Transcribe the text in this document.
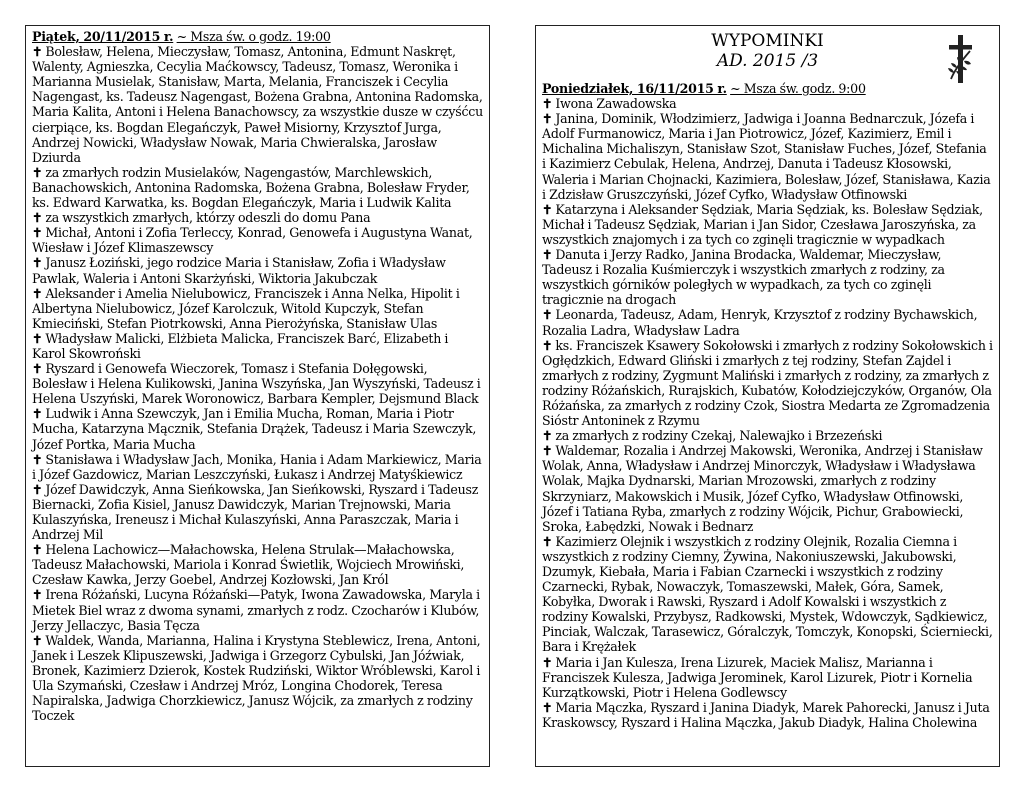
Piątek, 20/11/2015 r. ~ Msza św. o godz. 19:00
✝ Bolesław, Helena, Mieczysław, Tomasz, Antonina, Edmunt Naskręt, Walenty, Agnieszka, Cecylia Maćkowscy, Tadeusz, Tomasz, Weronika i Marianna Musielak, Stanisław, Marta, Melania, Franciszek i Cecylia Nagengast, ks. Tadeusz Nagengast, Bożena Grabna, Antonina Radomska, Maria Kalita, Antoni i Helena Banachowscy, za wszystkie dusze w czyśćcu cierpiące, ks. Bogdan Elegańczyk, Paweł Misiorny, Krzysztof Jurga, Andrzej Nowicki, Władysław Nowak, Maria Chwieralska, Jarosław Dziurda
✝ za zmarłych rodzin Musielaków, Nagengastów, Marchlewskich, Banachowskich, Antonina Radomska, Bożena Grabna, Bolesław Fryder, ks. Edward Karwatka, ks. Bogdan Elegańczyk, Maria i Ludwik Kalita
✝ za wszystkich zmarłych, którzy odeszli do domu Pana
✝ Michał, Antoni i Zofia Terleccy, Konrad, Genowefa i Augustyna Wanat, Wiesław i Józef Klimaszewscy
✝ Janusz Łoziński, jego rodzice Maria i Stanisław, Zofia i Władysław Pawlak, Waleria i Antoni Skarżyński, Wiktoria Jakubczak
✝ Aleksander i Amelia Nielubowicz, Franciszek i Anna Nelka, Hipolit i Albertyna Nielubowicz, Józef Karolczuk, Witold Kupczyk, Stefan Kmieciński, Stefan Piotrkowski, Anna Pierożyńska, Stanisław Ulas
✝ Władysław Malicki, Elżbieta Malicka, Franciszek Barć, Elizabeth i Karol Skowroński
✝ Ryszard i Genowefa Wieczorek, Tomasz i Stefania Dołęgowski, Bolesław i Helena Kulikowski, Janina Wszyńska, Jan Wyszyński, Tadeusz i Helena Uszyński, Marek Woronowicz, Barbara Kempler, Dejsmund Black
✝ Ludwik i Anna Szewczyk, Jan i Emilia Mucha, Roman, Maria i Piotr Mucha, Katarzyna Mącznik, Stefania Drążek, Tadeusz i Maria Szewczyk, Józef Portka, Maria Mucha
✝ Stanisława i Władysław Jach, Monika, Hania i Adam Markiewicz, Maria i Józef Gazdowicz, Marian Leszczyński, Łukasz i Andrzej Matyśkiewicz
✝ Józef Dawidczyk, Anna Sieńkowska, Jan Sieńkowski, Ryszard i Tadeusz Biernacki, Zofia Kisiel, Janusz Dawidczyk, Marian Trejnowski, Maria Kulaszyńska, Ireneusz i Michał Kulaszyński, Anna Paraszczak, Maria i Andrzej Mil
✝ Helena Lachowicz—Małachowska, Helena Strulak—Małachowska, Tadeusz Małachowski, Mariola i Konrad Świetlik, Wojciech Mrowiński, Czesław Kawka, Jerzy Goebel, Andrzej Kozłowski, Jan Król
✝ Irena Różański, Lucyna Różański—Patyk, Iwona Zawadowska, Maryla i Mietek Biel wraz z dwoma synami, zmarłych z rodz. Czocharów i Klubów, Jerzy Jellaczyc, Basia Tęcza
✝ Waldek, Wanda, Marianna, Halina i Krystyna Steblewicz, Irena, Antoni, Janek i Leszek Klipuszewski, Jadwiga i Grzegorz Cybulski, Jan Jóźwiak, Bronek, Kazimierz Dzierok, Kostek Rudziński, Wiktor Wróblewski, Karol i Ula Szymański, Czesław i Andrzej Mróz, Longina Chodorek, Teresa Napiralska, Jadwiga Chorzkiewicz, Janusz Wójcik, za zmarłych z rodziny Toczek
WYPOMINKI
AD. 2015 /3
Poniedziałek, 16/11/2015 r. ~ Msza św. godz. 9:00
✝ Iwona Zawadowska
✝ Janina, Dominik, Włodzimierz, Jadwiga i Joanna Bednarczuk, Józefa i Adolf Furmanowicz, Maria i Jan Piotrowicz, Józef, Kazimierz, Emil i Michalina Michaliszyn, Stanisław Szot, Stanisław Fuches, Józef, Stefania i Kazimierz Cebulak, Helena, Andrzej, Danuta i Tadeusz Kłosowski, Waleria i Marian Chojnacki, Kazimiera, Bolesław, Józef, Stanisława, Kazia i Zdzisław Gruszczyński, Józef Cyfko, Władysław Otfinowski
✝ Katarzyna i Aleksander Sędziak, Maria Sędziak, ks. Bolesław Sędziak, Michał i Tadeusz Sędziak, Marian i Jan Sidor, Czesława Jaroszyńska, za wszystkich znajomych i za tych co zginęli tragicznie w wypadkach
✝ Danuta i Jerzy Radko, Janina Brodacka, Waldemar, Mieczysław, Tadeusz i Rozalia Kuśmierczyk i wszystkich zmarłych z rodziny, za wszystkich górników poległych w wypadkach, za tych co zginęli tragicznie na drogach
✝ Leonarda, Tadeusz, Adam, Henryk, Krzysztof z rodziny Bychawskich, Rozalia Ladra, Władysław Ladra
✝ ks. Franciszek Ksawery Sokołowski i zmarłych z rodziny Sokołowskich i Ogłędzkich, Edward Gliński i zmarłych z tej rodziny, Stefan Zajdel i zmarłych z rodziny, Zygmunt Maliński i zmarłych z rodziny, za zmarłych z rodziny Różańskich, Rurajskich, Kubatów, Kołodziejczyków, Organów, Ola Różańska, za zmarłych z rodziny Czok, Siostra Medarta ze Zgromadzenia Sióstr Antoninek z Rzymu
✝ za zmarłych z rodziny Czekaj, Nalewajko i Brzezeński
✝ Waldemar, Rozalia i Andrzej Makowski, Weronika, Andrzej i Stanisław Wolak, Anna, Władysław i Andrzej Minorczyk, Władysław i Władysława Wolak, Majka Dydnarski, Marian Mrozowski, zmarłych z rodziny Skrzyniarz, Makowskich i Musik, Józef Cyfko, Władysław Otfinowski, Józef i Tatiana Ryba, zmarłych z rodziny Wójcik, Pichur, Grabowiecki, Sroka, Łabędzki, Nowak i Bednarz
✝ Kazimierz Olejnik i wszystkich z rodziny Olejnik, Rozalia Ciemna i wszystkich z rodziny Ciemny, Żywina, Nakoniuszewski, Jakubowski, Dzumyk, Kiebała, Maria i Fabian Czarnecki i wszystkich z rodziny Czarnecki, Rybak, Nowaczyk, Tomaszewski, Małek, Góra, Samek, Kobyłka, Dworak i Rawski, Ryszard i Adolf Kowalski i wszystkich z rodziny Kowalski, Przybysz, Radkowski, Mystek, Wdowczyk, Sądkiewicz, Pinciak, Walczak, Tarasewicz, Góralczyk, Tomczyk, Konopski, Ścierniecki, Bara i Krężałek
✝ Maria i Jan Kulesza, Irena Lizurek, Maciek Malisz, Marianna i Franciszek Kulesza, Jadwiga Jerominek, Karol Lizurek, Piotr i Kornelia Kurzątkowski, Piotr i Helena Godlewscy
✝ Maria Mączka, Ryszard i Janina Diadyk, Marek Pahorecki, Janusz i Juta Kraskowscy, Ryszard i Halina Mączka, Jakub Diadyk, Halina Cholewina
